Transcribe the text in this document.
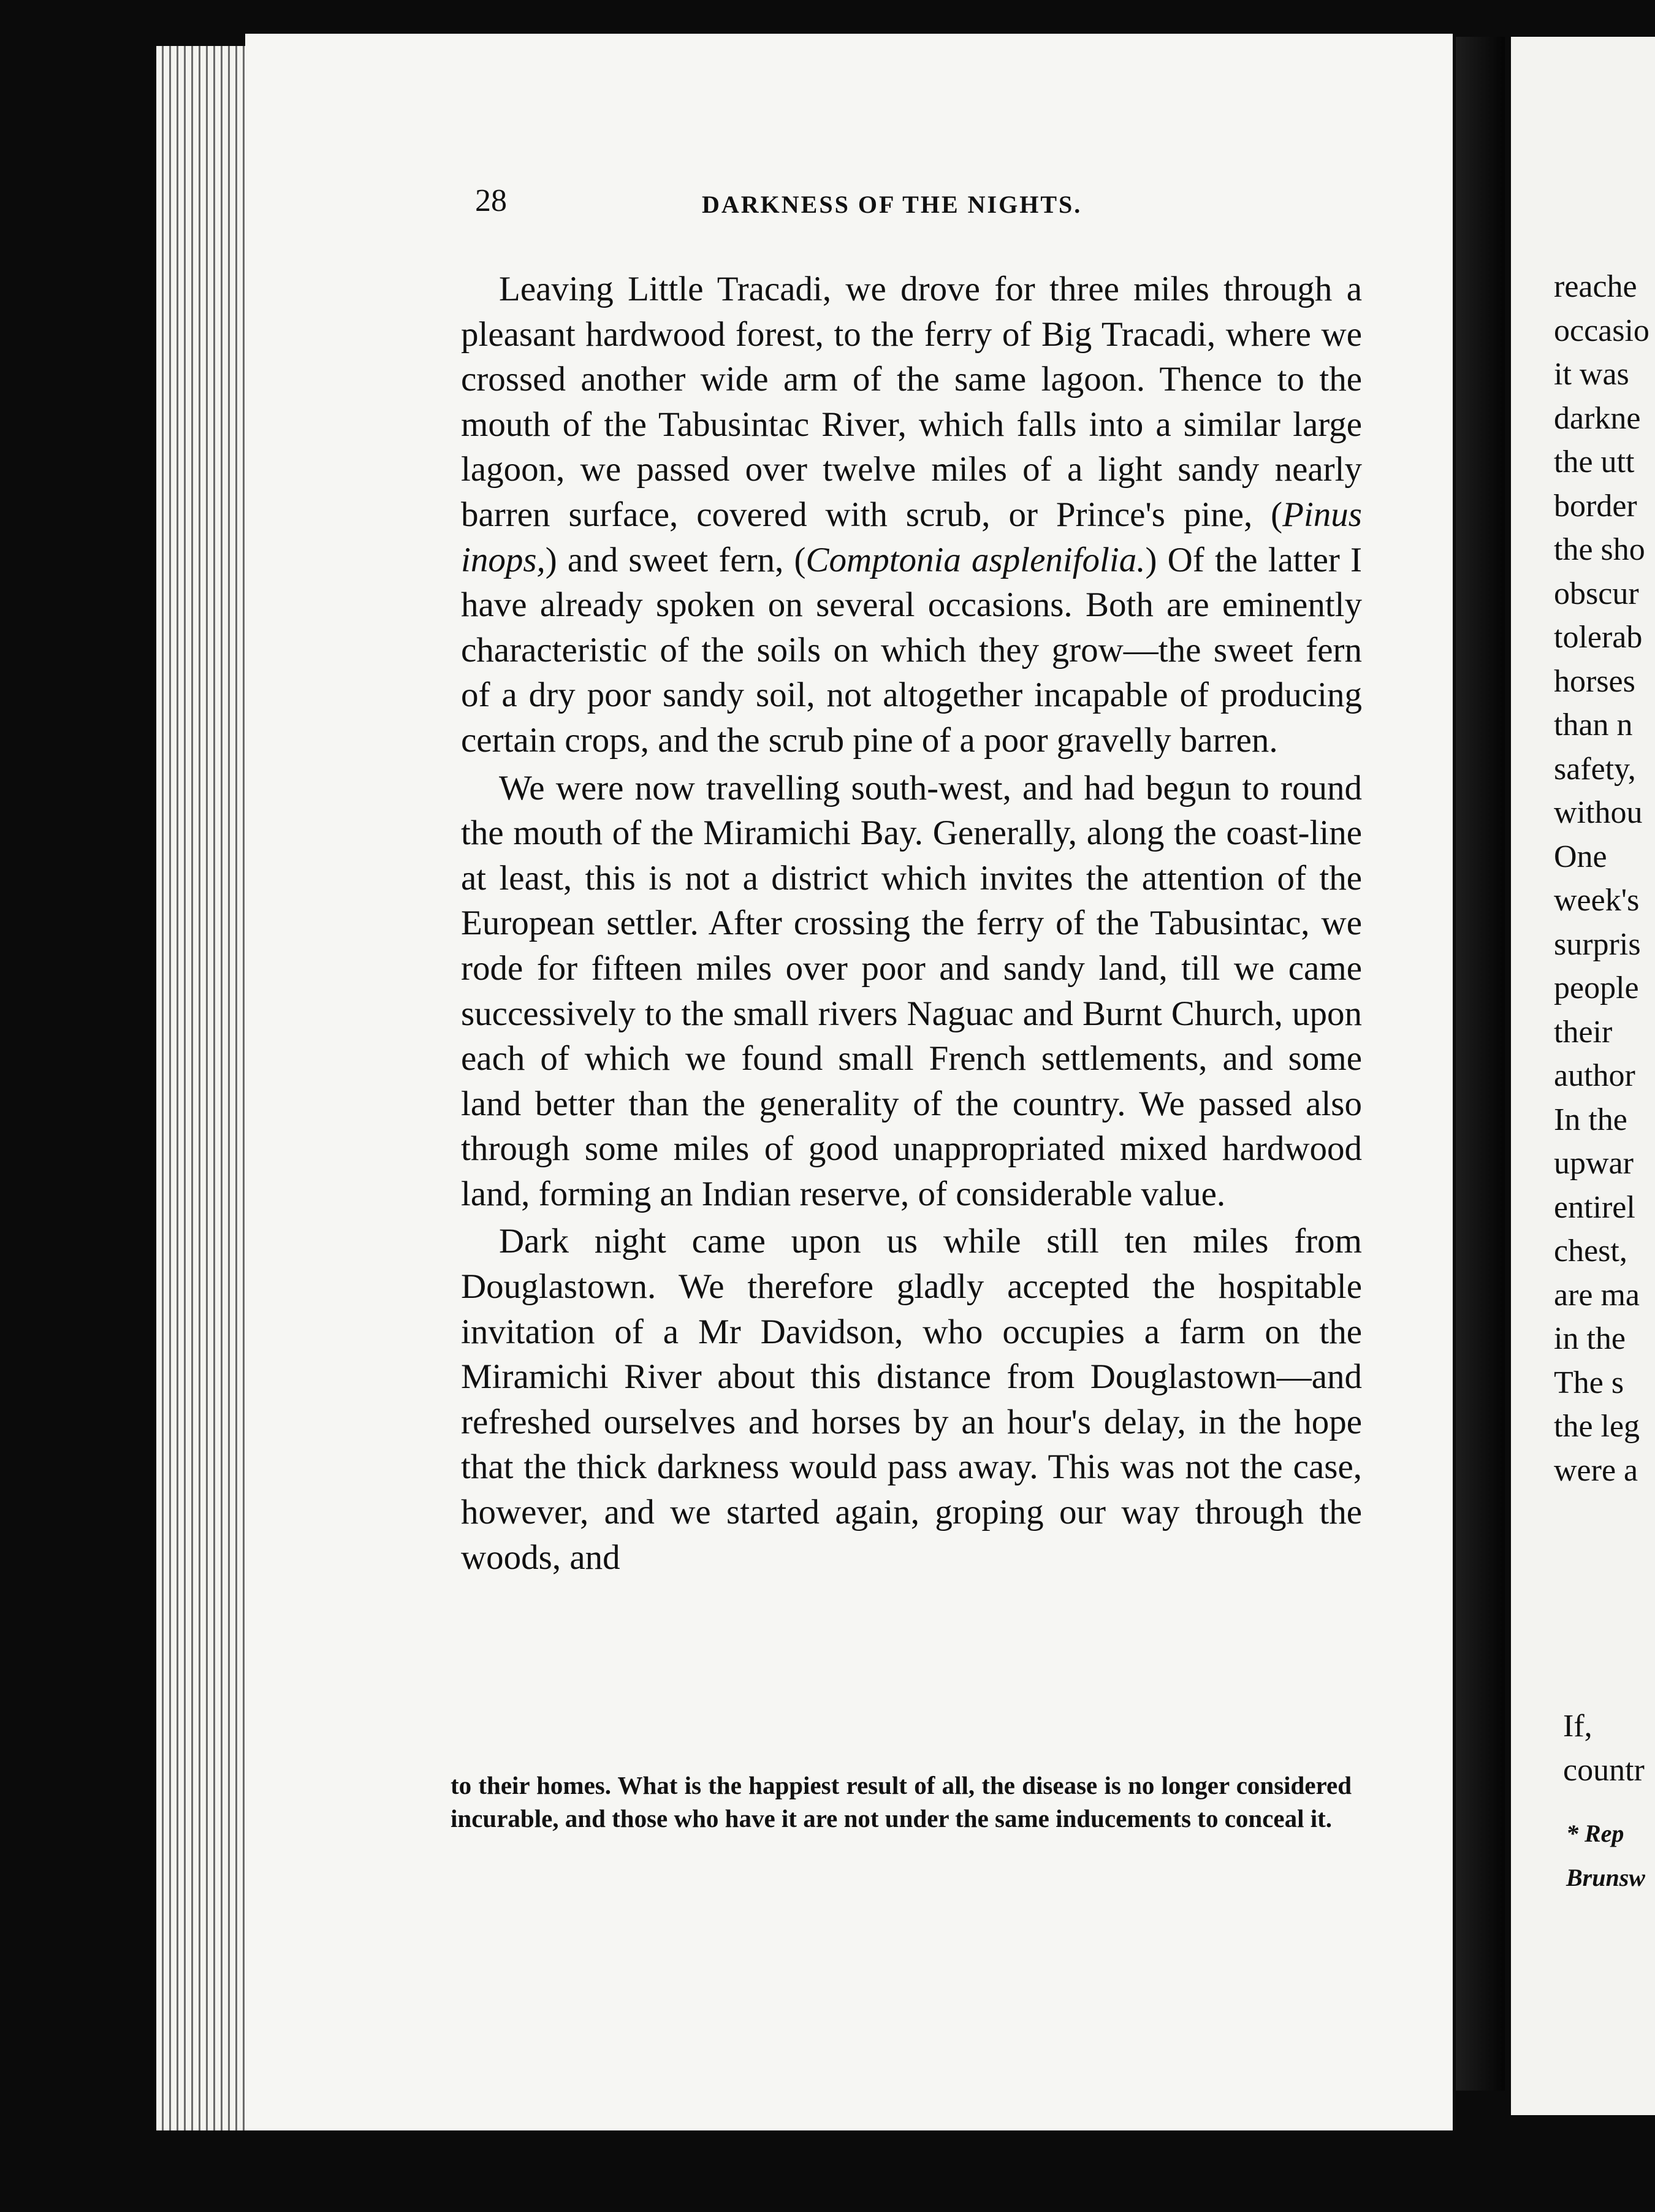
28	DARKNESS OF THE NIGHTS.

Leaving Little Tracadi, we drove for three miles through a pleasant hardwood forest, to the ferry of Big Tracadi, where we crossed another wide arm of the same lagoon. Thence to the mouth of the Tabusintac River, which falls into a similar large lagoon, we passed over twelve miles of a light sandy nearly barren surface, covered with scrub, or Prince's pine, (Pinus inops,) and sweet fern, (Comptonia asplenifolia.) Of the latter I have already spoken on several occasions. Both are eminently characteristic of the soils on which they grow—the sweet fern of a dry poor sandy soil, not altogether incapable of producing certain crops, and the scrub pine of a poor gravelly barren.

We were now travelling south-west, and had begun to round the mouth of the Miramichi Bay. Generally, along the coast-line at least, this is not a district which invites the attention of the European settler. After crossing the ferry of the Tabusintac, we rode for fifteen miles over poor and sandy land, till we came successively to the small rivers Naguac and Burnt Church, upon each of which we found small French settlements, and some land better than the generality of the country. We passed also through some miles of good unappropriated mixed hardwood land, forming an Indian reserve, of considerable value.

Dark night came upon us while still ten miles from Douglastown. We therefore gladly accepted the hospitable invitation of a Mr Davidson, who occupies a farm on the Miramichi River about this distance from Douglastown—and refreshed ourselves and horses by an hour's delay, in the hope that the thick darkness would pass away. This was not the case, however, and we started again, groping our way through the woods, and

to their homes. What is the happiest result of all, the disease is no longer considered incurable, and those who have it are not under the same inducements to conceal it.
reache
occasio
it was
darkne
the utt
border
the sho
obscur
tolerab
horses
than n
safety,
withou
One
week's
surpris
people
their
author
In the
upwar
entirel
chest,
are ma
in the
The s
the leg
were a
If,
countr
* Rep
Brunsw
